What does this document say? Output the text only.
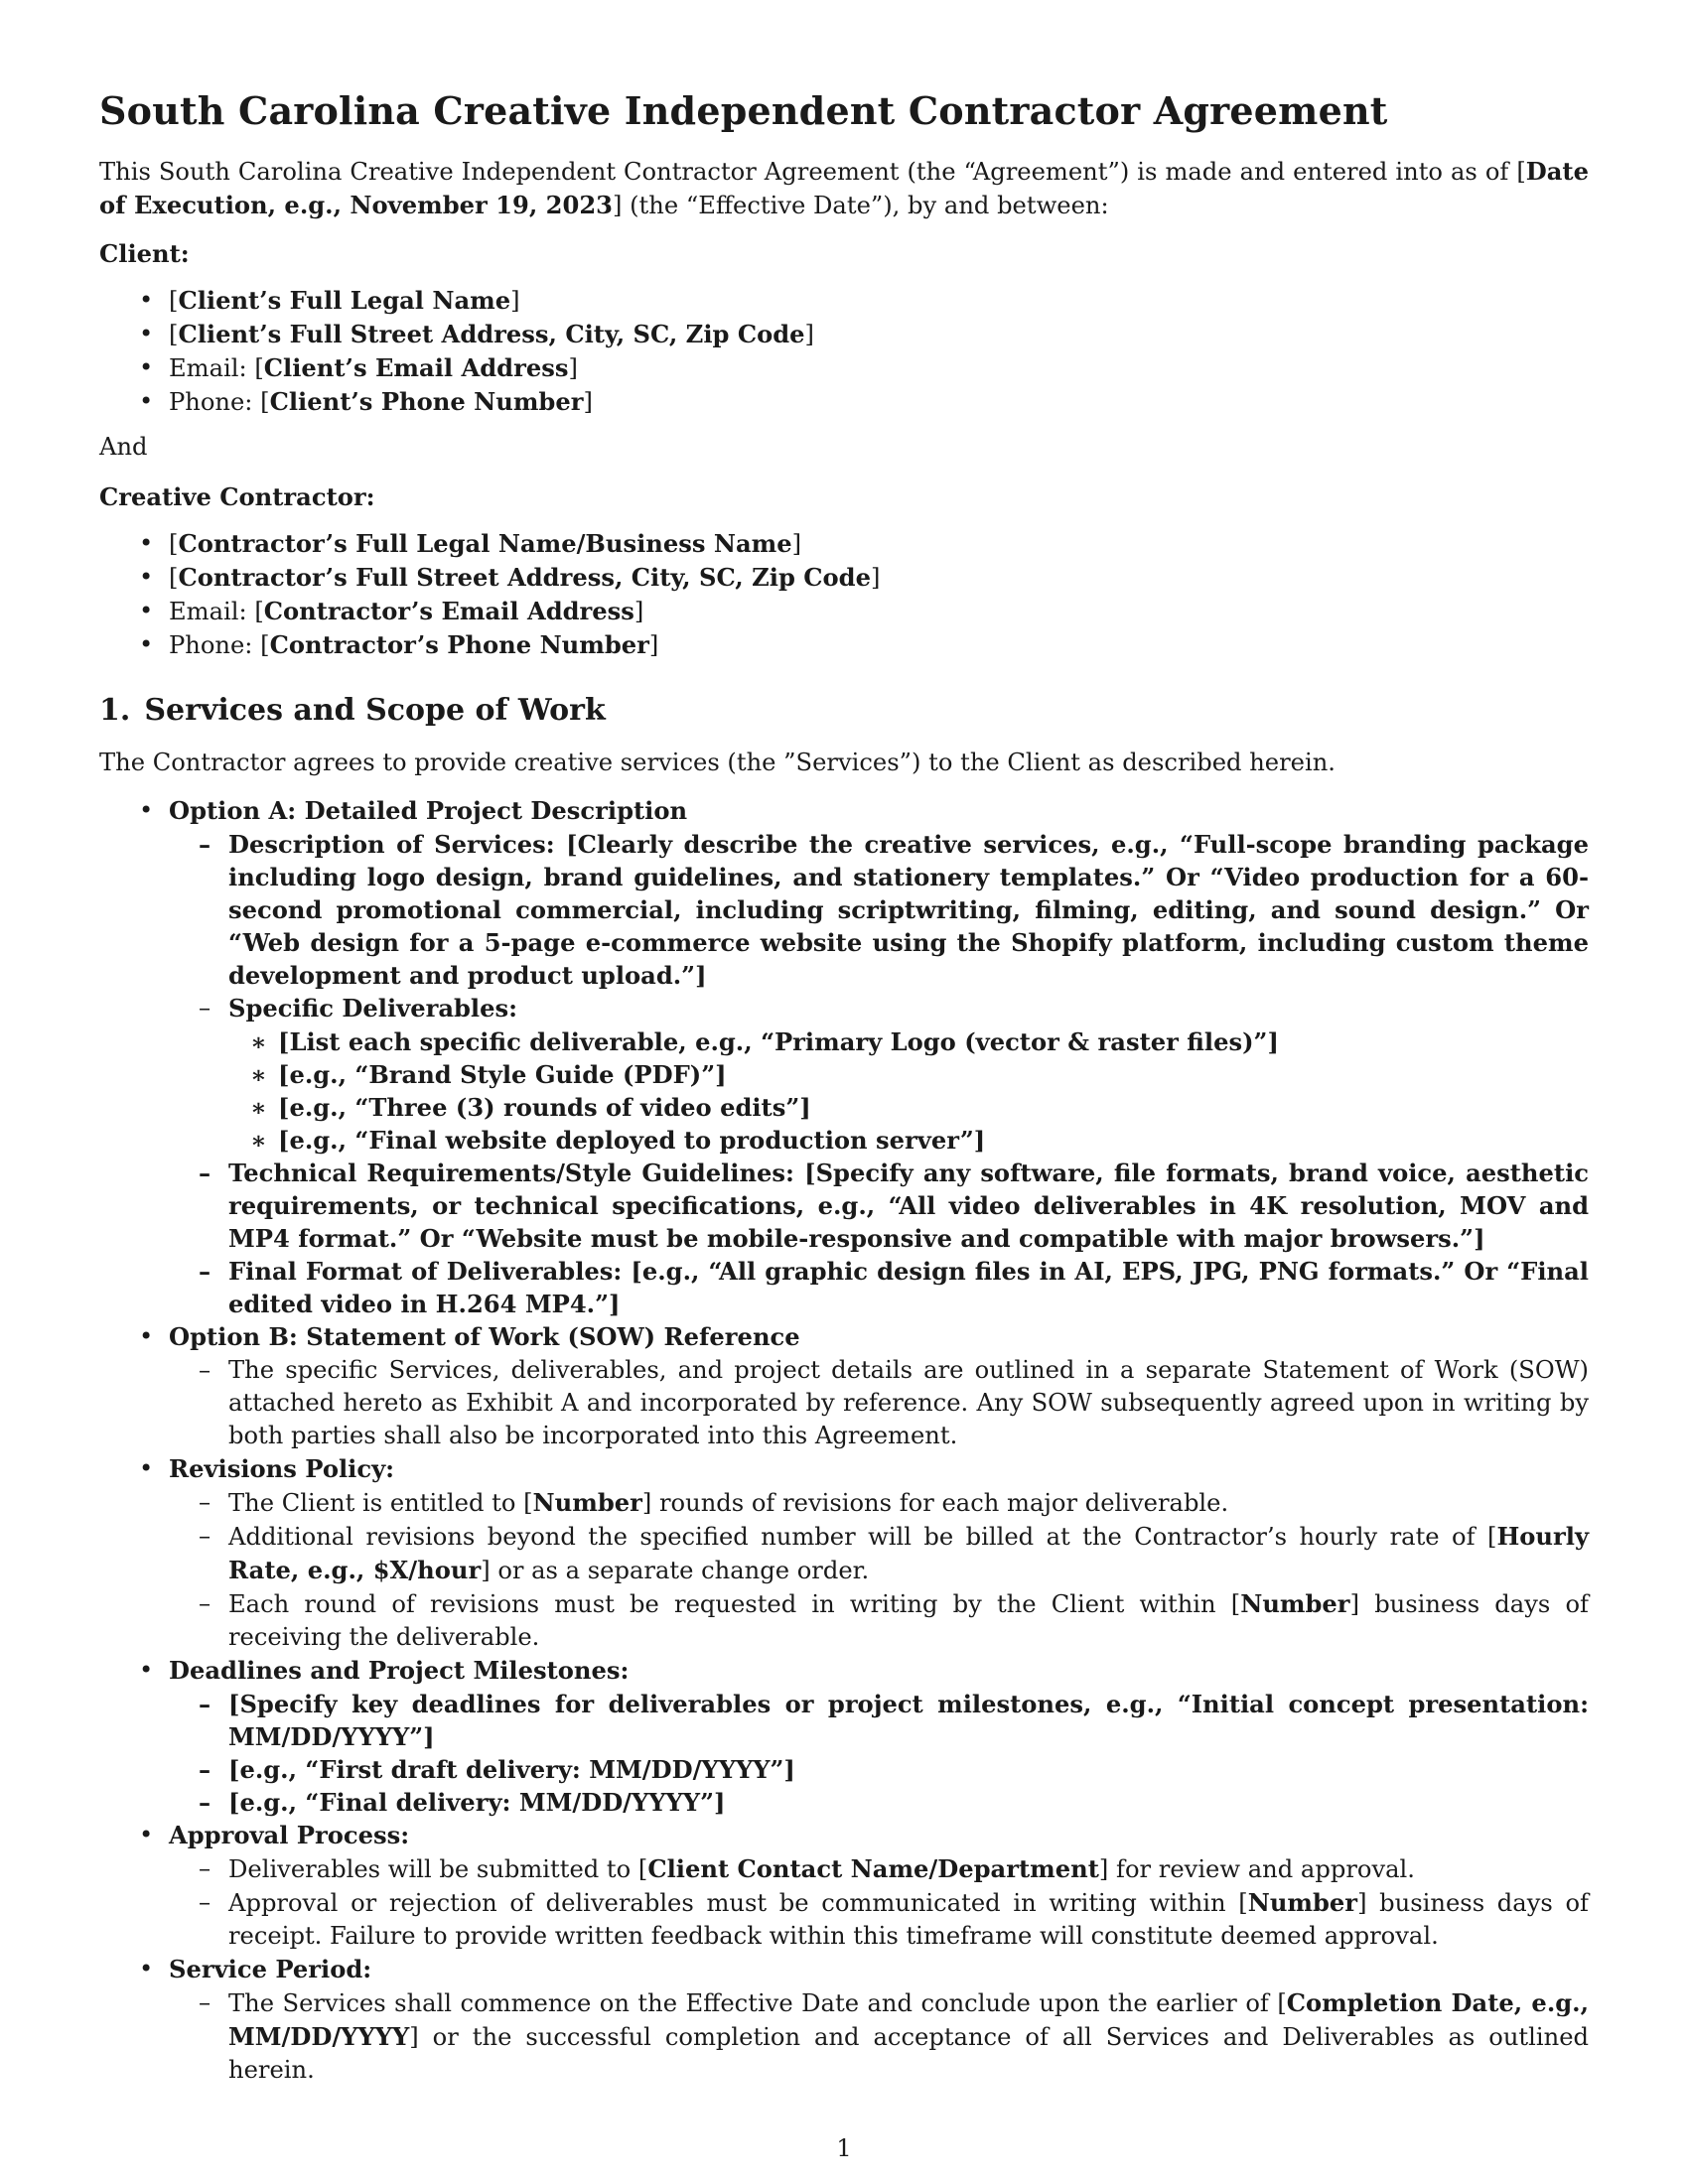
South Carolina Creative Independent Contractor Agreement

This South Carolina Creative Independent Contractor Agreement (the “Agreement”) is made and entered into as of [Date of Execution, e.g., November 19, 2023] (the “Effective Date”), by and between:

Client:

• [Client’s Full Legal Name]
• [Client’s Full Street Address, City, SC, Zip Code]
• Email: [Client’s Email Address]
• Phone: [Client’s Phone Number]

And

Creative Contractor:

• [Contractor’s Full Legal Name/Business Name]
• [Contractor’s Full Street Address, City, SC, Zip Code]
• Email: [Contractor’s Email Address]
• Phone: [Contractor’s Phone Number]
1. Services and Scope of Work

The Contractor agrees to provide creative services (the ”Services”) to the Client as described herein.

• Option A: Detailed Project Description
– Description of Services: [Clearly describe the creative services, e.g., “Full-scope branding package including logo design, brand guidelines, and stationery templates.” Or “Video production for a 60-second promotional commercial, including scriptwriting, filming, editing, and sound design.” Or “Web design for a 5-page e-commerce website using the Shopify platform, including custom theme development and product upload.”]
– Specific Deliverables:
∗ [List each specific deliverable, e.g., “Primary Logo (vector & raster files)”]
∗ [e.g., “Brand Style Guide (PDF)”]
∗ [e.g., “Three (3) rounds of video edits”]
∗ [e.g., “Final website deployed to production server”]
– Technical Requirements/Style Guidelines: [Specify any software, file formats, brand voice, aesthetic requirements, or technical specifications, e.g., “All video deliverables in 4K resolution, MOV and MP4 format.” Or “Website must be mobile-responsive and compatible with major browsers.”]
– Final Format of Deliverables: [e.g., “All graphic design files in AI, EPS, JPG, PNG formats.” Or “Final edited video in H.264 MP4.”]
• Option B: Statement of Work (SOW) Reference
– The specific Services, deliverables, and project details are outlined in a separate Statement of Work (SOW) attached hereto as Exhibit A and incorporated by reference. Any SOW subsequently agreed upon in writing by both parties shall also be incorporated into this Agreement.
• Revisions Policy:
– The Client is entitled to [Number] rounds of revisions for each major deliverable.
– Additional revisions beyond the specified number will be billed at the Contractor’s hourly rate of [Hourly Rate, e.g., $X/hour] or as a separate change order.
– Each round of revisions must be requested in writing by the Client within [Number] business days of receiving the deliverable.
• Deadlines and Project Milestones:
– [Specify key deadlines for deliverables or project milestones, e.g., “Initial concept presentation: MM/DD/YYYY”]
– [e.g., “First draft delivery: MM/DD/YYYY”]
– [e.g., “Final delivery: MM/DD/YYYY”]
• Approval Process:
– Deliverables will be submitted to [Client Contact Name/Department] for review and approval.
– Approval or rejection of deliverables must be communicated in writing within [Number] business days of receipt. Failure to provide written feedback within this timeframe will constitute deemed approval.
• Service Period:
– The Services shall commence on the Effective Date and conclude upon the earlier of [Completion Date, e.g., MM/DD/YYYY] or the successful completion and acceptance of all Services and Deliverables as outlined herein.
1
